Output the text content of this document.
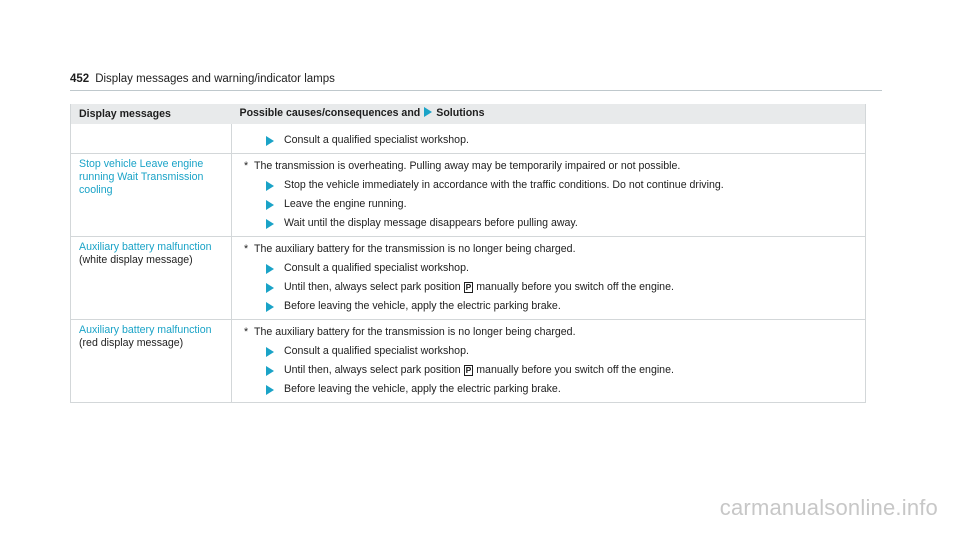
452 Display messages and warning/indicator lamps
Display messages	Possible causes/consequences and Solutions

	Consult a qualified specialist workshop.

Stop vehicle Leave engine running Wait Transmission cooling	* The transmission is overheating. Pulling away may be temporarily impaired or not possible.
Stop the vehicle immediately in accordance with the traffic conditions. Do not continue driving.
Leave the engine running.
Wait until the display message disappears before pulling away.

Auxiliary battery malfunction (white display message)	* The auxiliary battery for the transmission is no longer being charged.
Consult a qualified specialist workshop.
Until then, always select park position P manually before you switch off the engine.
Before leaving the vehicle, apply the electric parking brake.

Auxiliary battery malfunction (red display message)	* The auxiliary battery for the transmission is no longer being charged.
Consult a qualified specialist workshop.
Until then, always select park position P manually before you switch off the engine.
Before leaving the vehicle, apply the electric parking brake.
carmanualsonline.info
